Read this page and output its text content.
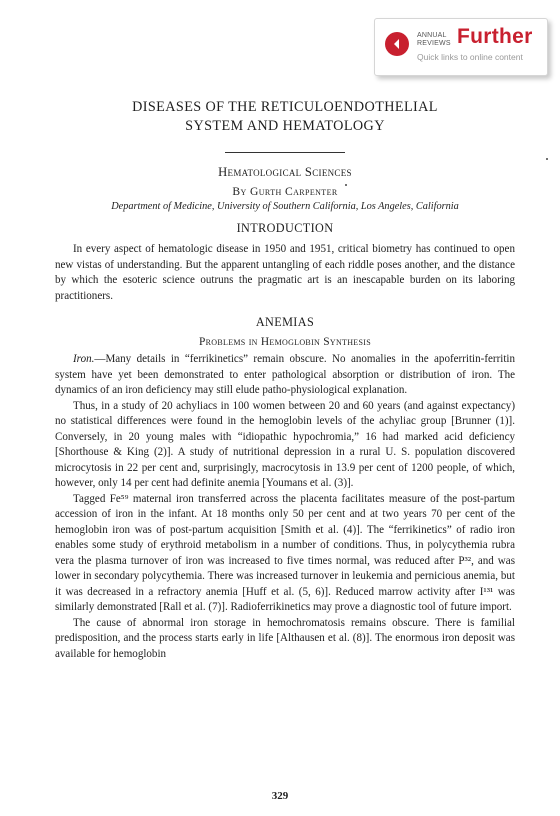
ANNUAL
REVIEWS Further
Quick links to online content
DISEASES OF THE RETICULOENDOTHELIAL
SYSTEM AND HEMATOLOGY
Hematological Sciences
By Gurth Carpenter
Department of Medicine, University of Southern California, Los Angeles, California
INTRODUCTION

In every aspect of hematologic disease in 1950 and 1951, critical biometry has continued to open new vistas of understanding. But the apparent untangling of each riddle poses another, and the distance by which the esoteric science outruns the pragmatic art is an inescapable burden on its laboring practitioners.

ANEMIAS
Problems in Hemoglobin Synthesis

Iron.—Many details in “ferrikinetics” remain obscure. No anomalies in the apoferritin-ferritin system have yet been demonstrated to enter pathological absorption or distribution of iron. The dynamics of an iron deficiency may still elude patho-physiological explanation.

Thus, in a study of 20 achyliacs in 100 women between 20 and 60 years (and against expectancy) no statistical differences were found in the hemoglobin levels of the achyliac group [Brunner (1)]. Conversely, in 20 young males with “idiopathic hypochromia,” 16 had marked acid deficiency [Shorthouse & King (2)]. A study of nutritional depression in a rural U. S. population discovered microcytosis in 22 per cent and, surprisingly, macrocytosis in 13.9 per cent of 1200 people, of which, however, only 14 per cent had definite anemia [Youmans et al. (3)].

Tagged Fe⁵⁹ maternal iron transferred across the placenta facilitates measure of the post-partum accession of iron in the infant. At 18 months only 50 per cent and at two years 70 per cent of the hemoglobin iron was of post-partum acquisition [Smith et al. (4)]. The “ferrikinetics” of radio iron enables some study of erythroid metabolism in a number of conditions. Thus, in polycythemia rubra vera the plasma turnover of iron was increased to five times normal, was reduced after P³², and was lower in secondary polycythemia. There was increased turnover in leukemia and pernicious anemia, but it was decreased in a refractory anemia [Huff et al. (5, 6)]. Reduced marrow activity after I¹³¹ was similarly demonstrated [Rall et al. (7)]. Radioferrikinetics may prove a diagnostic tool of future import.

The cause of abnormal iron storage in hemochromatosis remains obscure. There is familial predisposition, and the process starts early in life [Althausen et al. (8)]. The enormous iron deposit was available for hemoglobin

329
